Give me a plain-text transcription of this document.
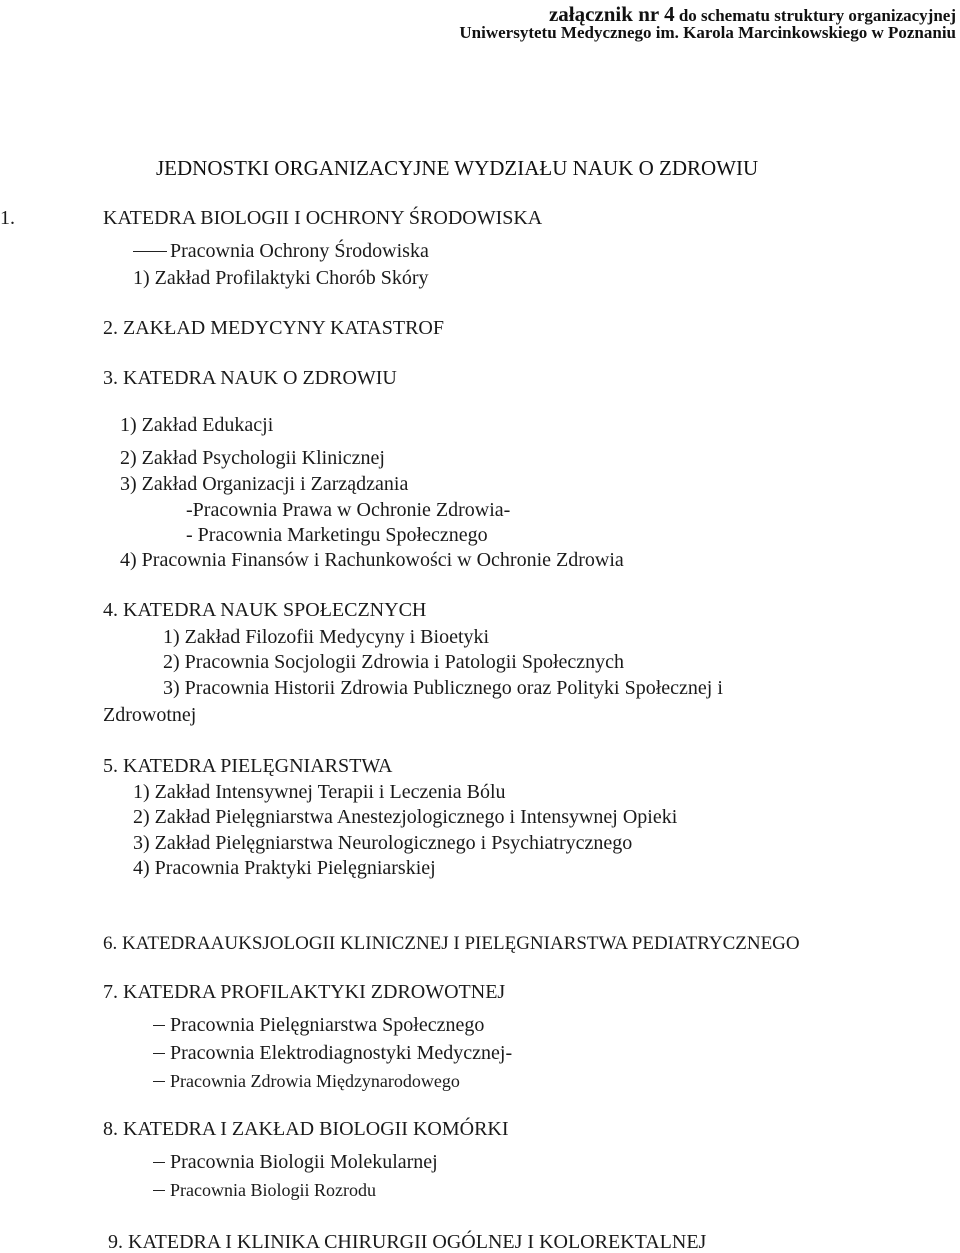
załącznik nr 4 do schematu struktury organizacyjnej
Uniwersytetu Medycznego im. Karola Marcinkowskiego w Poznaniu
JEDNOSTKI ORGANIZACYJNE WYDZIAŁU NAUK O ZDROWIU
1.	KATEDRA BIOLOGII I OCHRONY ŚRODOWISKA
Pracownia Ochrony Środowiska
1) Zakład Profilaktyki Chorób Skóry
2. ZAKŁAD MEDYCYNY KATASTROF
3. KATEDRA NAUK O ZDROWIU
1) Zakład Edukacji
2) Zakład Psychologii Klinicznej
3) Zakład Organizacji i Zarządzania
-Pracownia Prawa w Ochronie Zdrowia-
- Pracownia Marketingu Społecznego
4) Pracownia Finansów i Rachunkowości w Ochronie Zdrowia
4. KATEDRA NAUK SPOŁECZNYCH
1) Zakład Filozofii Medycyny i Bioetyki
2) Pracownia Socjologii Zdrowia i Patologii Społecznych
3) Pracownia Historii Zdrowia Publicznego oraz Polityki Społecznej i
Zdrowotnej
5. KATEDRA PIELĘGNIARSTWA
1) Zakład Intensywnej Terapii i Leczenia Bólu
2) Zakład Pielęgniarstwa Anestezjologicznego i Intensywnej Opieki
3) Zakład Pielęgniarstwa Neurologicznego i Psychiatrycznego
4) Pracownia Praktyki Pielęgniarskiej
6. KATEDRAAUKSJOLOGII KLINICZNEJ I PIELĘGNIARSTWA PEDIATRYCZNEGO
7. KATEDRA PROFILAKTYKI ZDROWOTNEJ
Pracownia Pielęgniarstwa Społecznego
Pracownia Elektrodiagnostyki Medycznej-
Pracownia Zdrowia Międzynarodowego
8. KATEDRA I ZAKŁAD BIOLOGII KOMÓRKI
Pracownia Biologii Molekularnej
Pracownia Biologii Rozrodu
9. KATEDRA I KLINIKA CHIRURGII OGÓLNEJ I KOLOREKTALNEJ
